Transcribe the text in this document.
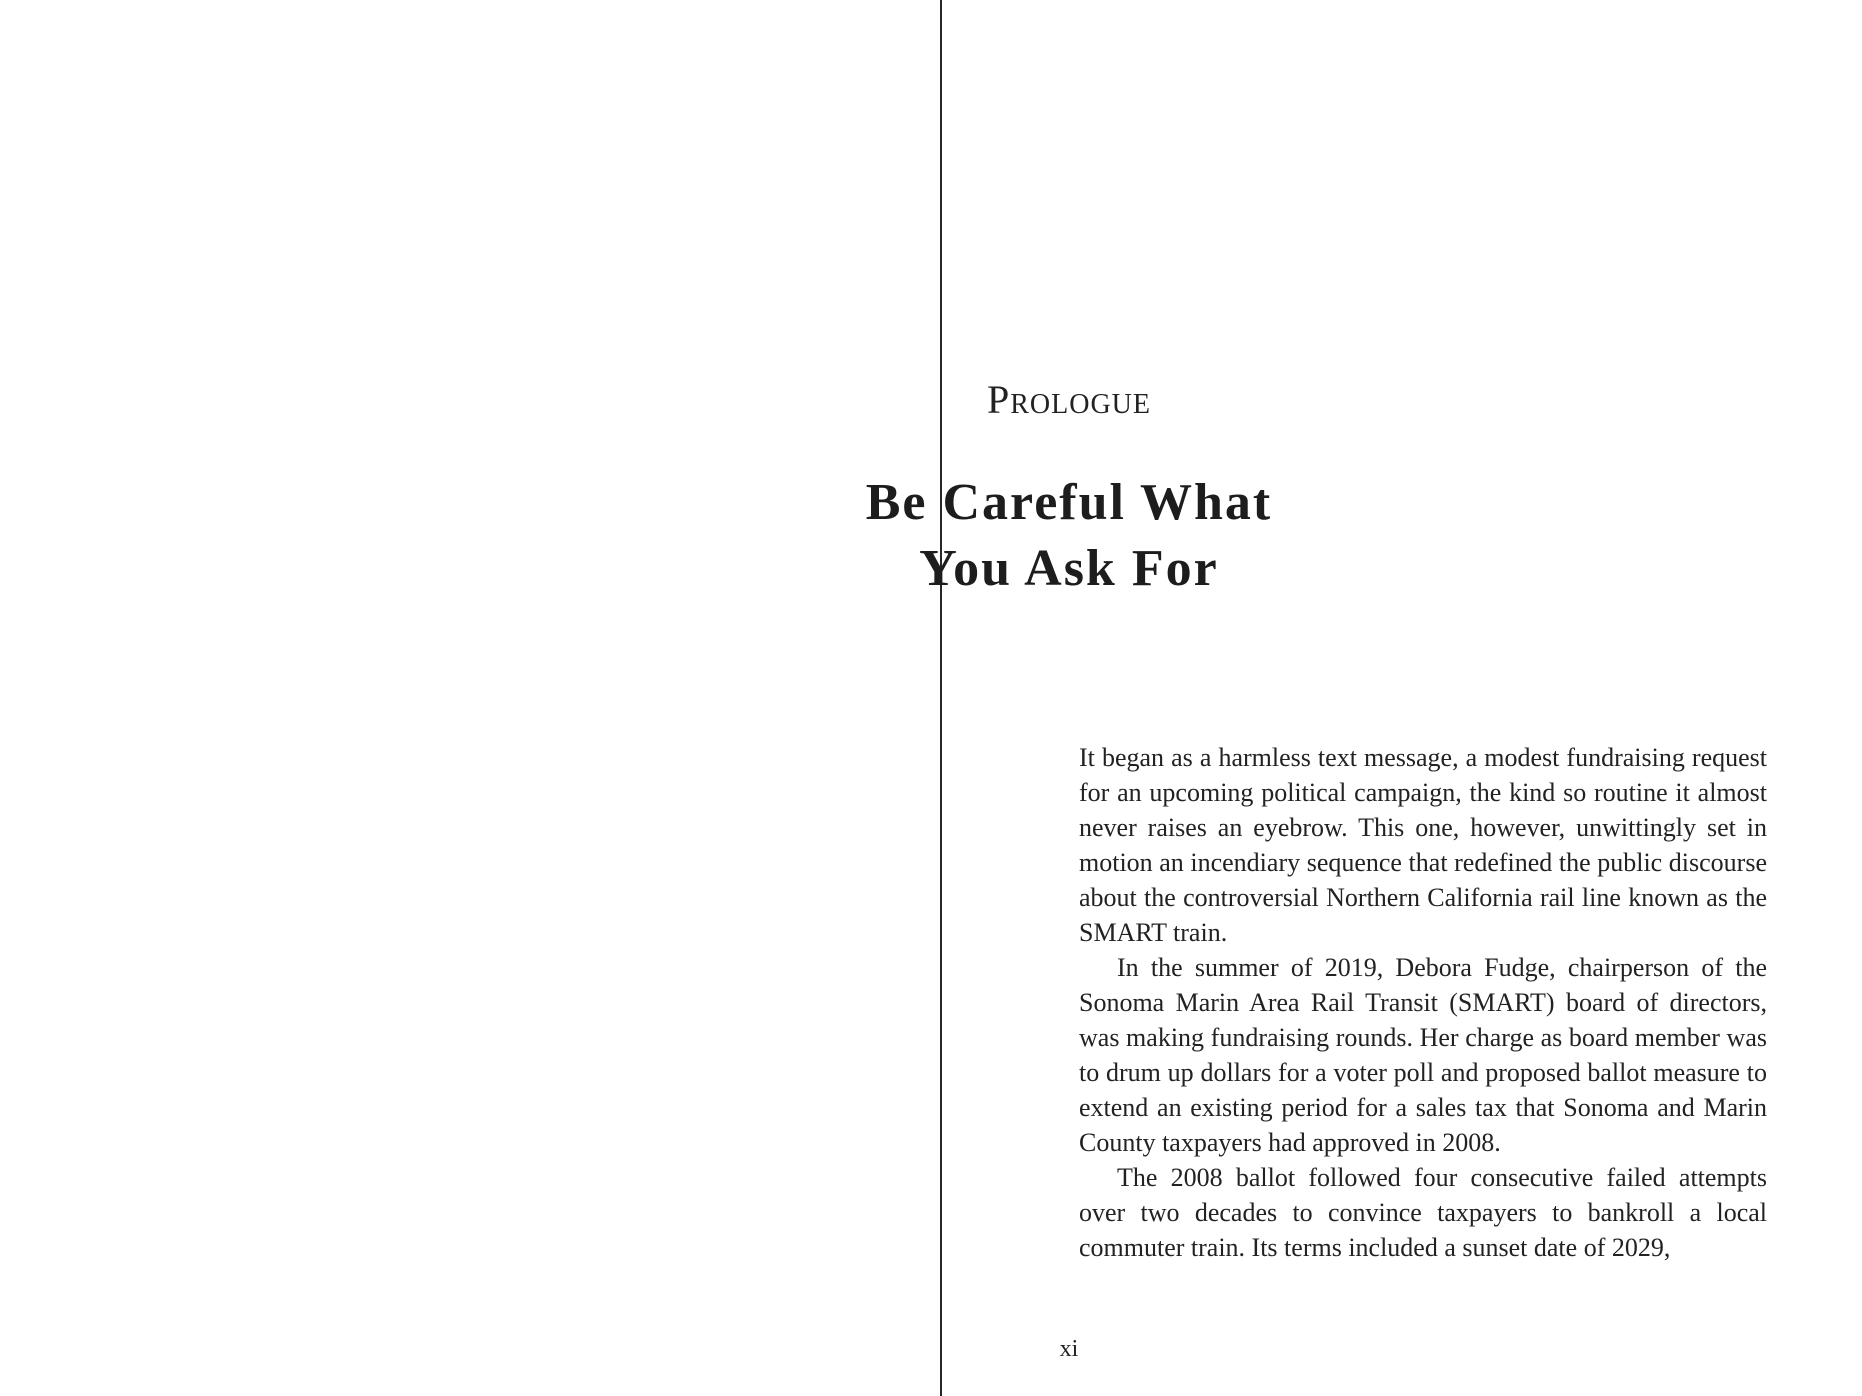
Prologue
Be Careful What
You Ask For

It began as a harmless text message, a modest fundraising request for an upcoming political campaign, the kind so routine it almost never raises an eyebrow. This one, however, unwittingly set in motion an incendiary sequence that redefined the public discourse about the controversial Northern California rail line known as the SMART train.

In the summer of 2019, Debora Fudge, chairperson of the Sonoma Marin Area Rail Transit (SMART) board of directors, was making fundraising rounds. Her charge as board member was to drum up dollars for a voter poll and proposed ballot measure to extend an existing period for a sales tax that Sonoma and Marin County taxpayers had approved in 2008.

The 2008 ballot followed four consecutive failed attempts over two decades to convince taxpayers to bankroll a local commuter train. Its terms included a sunset date of 2029,

xi
